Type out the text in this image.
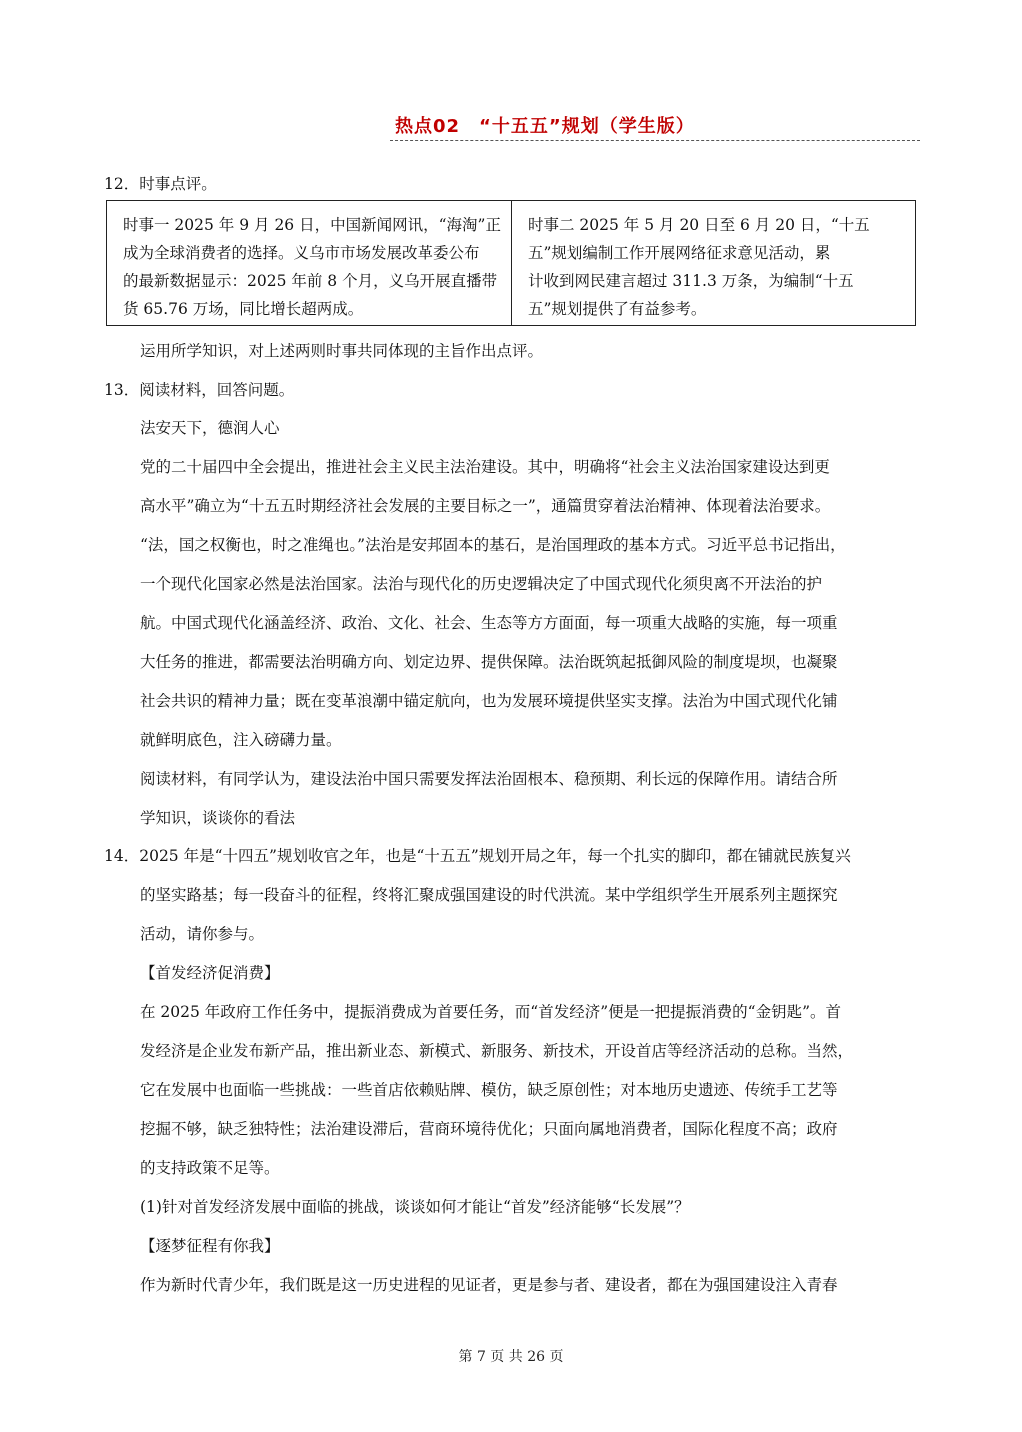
热点02　“十五五”规划（学生版）
12．时事点评。
时事一 2025 年 9 月 26 日，中国新闻网讯，“海淘”正
成为全球消费者的选择。义乌市市场发展改革委公布
的最新数据显示：2025 年前 8 个月，义乌开展直播带
货 65.76 万场，同比增长超两成。
时事二 2025 年 5 月 20 日至 6 月 20 日，“十五
五”规划编制工作开展网络征求意见活动，累
计收到网民建言超过 311.3 万条，为编制“十五
五”规划提供了有益参考。
运用所学知识，对上述两则时事共同体现的主旨作出点评。
13．阅读材料，回答问题。
法安天下，德润人心
党的二十届四中全会提出，推进社会主义民主法治建设。其中，明确将“社会主义法治国家建设达到更
高水平”确立为“十五五时期经济社会发展的主要目标之一”，通篇贯穿着法治精神、体现着法治要求。
“法，国之权衡也，时之准绳也。”法治是安邦固本的基石，是治国理政的基本方式。习近平总书记指出，
一个现代化国家必然是法治国家。法治与现代化的历史逻辑决定了中国式现代化须臾离不开法治的护
航。中国式现代化涵盖经济、政治、文化、社会、生态等方方面面，每一项重大战略的实施，每一项重
大任务的推进，都需要法治明确方向、划定边界、提供保障。法治既筑起抵御风险的制度堤坝，也凝聚
社会共识的精神力量；既在变革浪潮中锚定航向，也为发展环境提供坚实支撑。法治为中国式现代化铺
就鲜明底色，注入磅礴力量。
阅读材料，有同学认为，建设法治中国只需要发挥法治固根本、稳预期、利长远的保障作用。请结合所
学知识，谈谈你的看法
14．2025 年是“十四五”规划收官之年，也是“十五五”规划开局之年，每一个扎实的脚印，都在铺就民族复兴
的坚实路基；每一段奋斗的征程，终将汇聚成强国建设的时代洪流。某中学组织学生开展系列主题探究
活动，请你参与。
【首发经济促消费】
在 2025 年政府工作任务中，提振消费成为首要任务，而“首发经济”便是一把提振消费的“金钥匙”。首
发经济是企业发布新产品，推出新业态、新模式、新服务、新技术，开设首店等经济活动的总称。当然，
它在发展中也面临一些挑战：一些首店依赖贴牌、模仿，缺乏原创性；对本地历史遗迹、传统手工艺等
挖掘不够，缺乏独特性；法治建设滞后，营商环境待优化；只面向属地消费者，国际化程度不高；政府
的支持政策不足等。
(1)针对首发经济发展中面临的挑战，谈谈如何才能让“首发”经济能够“长发展”？
【逐梦征程有你我】
作为新时代青少年，我们既是这一历史进程的见证者，更是参与者、建设者，都在为强国建设注入青春
第 7 页 共 26 页
